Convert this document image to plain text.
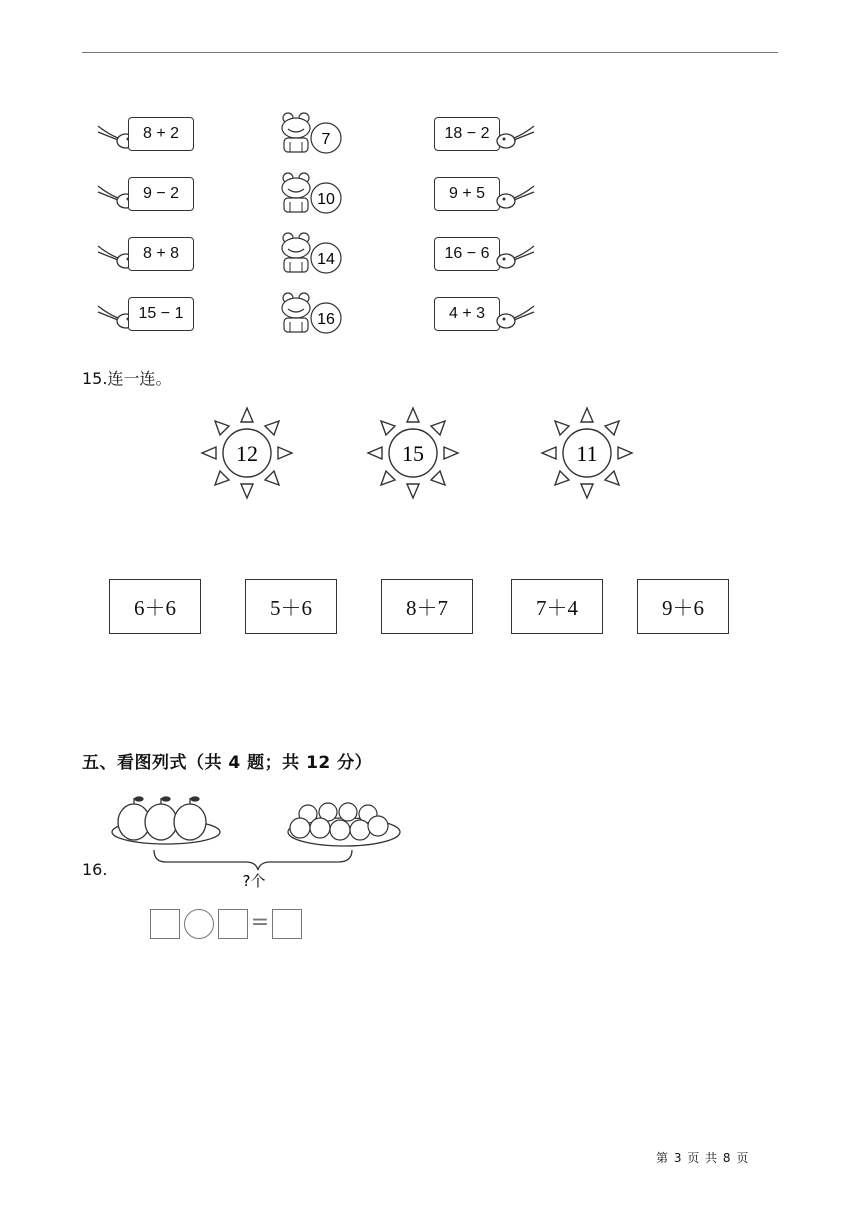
8 + 2	7	18 − 2
9 − 2	10	9 + 5
8 + 8	14	16 − 6
15 − 1	16	4 + 3
15.连一连。
12	15	11
6＋6	5＋6	8＋7	7＋4	9＋6
五、看图列式（共 4 题；共 12 分）
16.
?个
=
第 3 页 共 8 页
